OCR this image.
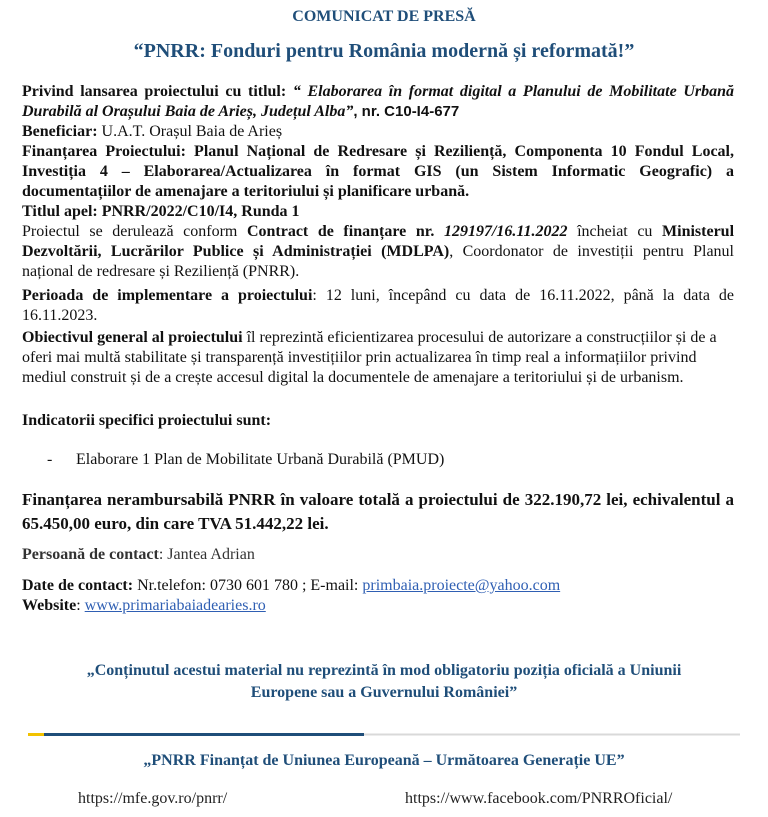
COMUNICAT DE PRESĂ
“PNRR: Fonduri pentru România modernă și reformată!”
Privind lansarea proiectului cu titlul: “ Elaborarea în format digital a Planului de Mobilitate Urbană Durabilă al Orașului Baia de Arieș, Județul Alba”, nr. C10-I4-677
Beneficiar: U.A.T. Orașul Baia de Arieș
Finanțarea Proiectului: Planul Național de Redresare și Reziliență, Componenta 10 Fondul Local, Investiția 4 – Elaborarea/Actualizarea în format GIS (un Sistem Informatic Geografic) a documentațiilor de amenajare a teritoriului și planificare urbană.
Titlul apel: PNRR/2022/C10/I4, Runda 1
Proiectul se derulează conform Contract de finanțare nr. 129197/16.11.2022 încheiat cu Ministerul Dezvoltării, Lucrărilor Publice și Administrației (MDLPA), Coordonator de investiții pentru Planul național de redresare și Reziliență (PNRR).
Perioada de implementare a proiectului: 12 luni, începând cu data de 16.11.2022, până la data de 16.11.2023.
Obiectivul general al proiectului îl reprezintă eficientizarea procesului de autorizare a construcțiilor și de a oferi mai multă stabilitate și transparență investițiilor prin actualizarea în timp real a informațiilor privind mediul construit și de a crește accesul digital la documentele de amenajare a teritoriului și de urbanism.
Indicatorii specifici proiectului sunt:
- Elaborare 1 Plan de Mobilitate Urbană Durabilă (PMUD)
Finanțarea nerambursabilă PNRR în valoare totală a proiectului de 322.190,72 lei, echivalentul a 65.450,00 euro, din care TVA 51.442,22 lei.
Persoană de contact: Jantea Adrian
Date de contact: Nr.telefon: 0730 601 780 ; E-mail: primbaia.proiecte@yahoo.com
Website: www.primariabaiadearies.ro
„Conținutul acestui material nu reprezintă în mod obligatoriu poziția oficială a Uniunii
Europene sau a Guvernului României”
„PNRR Finanțat de Uniunea Europeană – Următoarea Generație UE”
https://mfe.gov.ro/pnrr/	https://www.facebook.com/PNRROficial/
